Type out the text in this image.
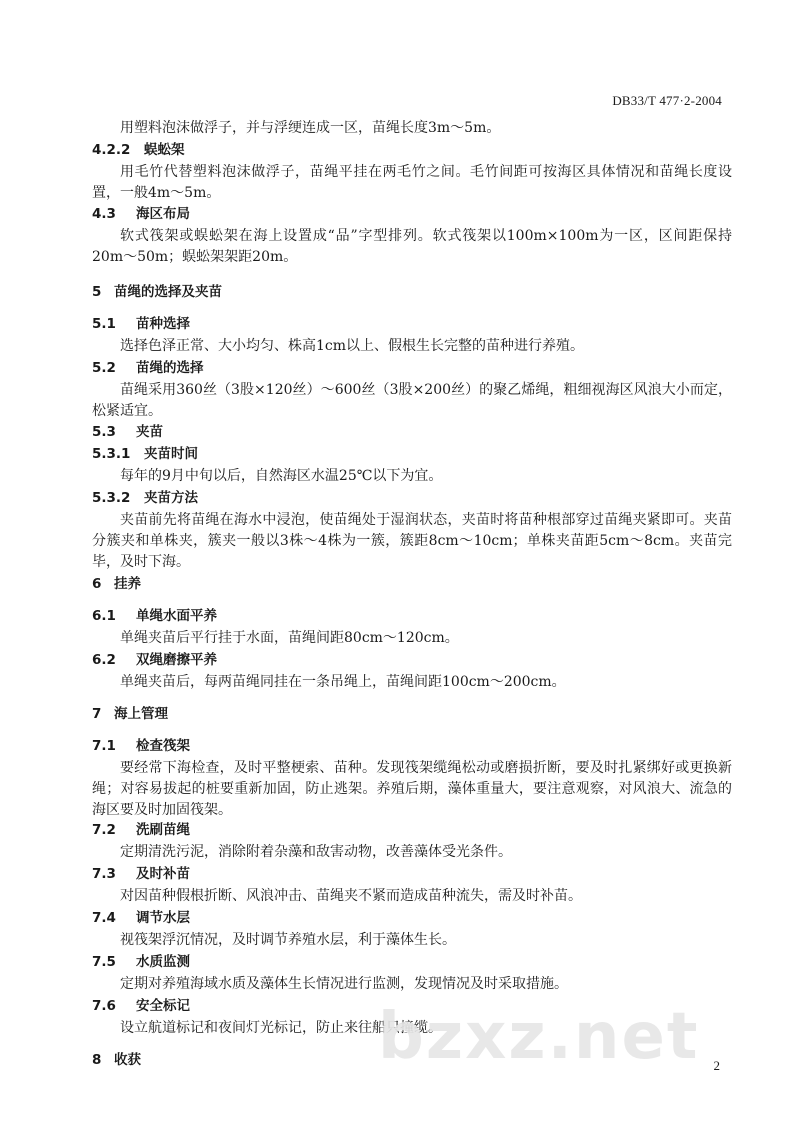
DB33/T 477·2-2004
用塑料泡沫做浮子，并与浮绠连成一区，苗绳长度3m～5m。
4.2.2 蜈蚣架
用毛竹代替塑料泡沫做浮子，苗绳平挂在两毛竹之间。毛竹间距可按海区具体情况和苗绳长度设置，一般4m～5m。
4.3 海区布局
软式筏架或蜈蚣架在海上设置成“品”字型排列。软式筏架以100m×100m为一区，区间距保持20m～50m；蜈蚣架架距20m。
5 苗绳的选择及夹苗
5.1 苗种选择
选择色泽正常、大小均匀、株高1cm以上、假根生长完整的苗种进行养殖。
5.2 苗绳的选择
苗绳采用360丝（3股×120丝）～600丝（3股×200丝）的聚乙烯绳，粗细视海区风浪大小而定，松紧适宜。
5.3 夹苗
5.3.1 夹苗时间
每年的9月中旬以后，自然海区水温25℃以下为宜。
5.3.2 夹苗方法
夹苗前先将苗绳在海水中浸泡，使苗绳处于湿润状态，夹苗时将苗种根部穿过苗绳夹紧即可。夹苗分簇夹和单株夹，簇夹一般以3株～4株为一簇，簇距8cm～10cm；单株夹苗距5cm～8cm。夹苗完毕，及时下海。
6 挂养
6.1 单绳水面平养
单绳夹苗后平行挂于水面，苗绳间距80cm～120cm。
6.2 双绳磨擦平养
单绳夹苗后，每两苗绳同挂在一条吊绳上，苗绳间距100cm～200cm。
7 海上管理
7.1 检查筏架
要经常下海检查，及时平整梗索、苗种。发现筏架缆绳松动或磨损折断，要及时扎紧绑好或更换新绳；对容易拔起的桩要重新加固，防止逃架。养殖后期，藻体重量大，要注意观察，对风浪大、流急的海区要及时加固筏架。
7.2 洗刷苗绳
定期清洗污泥，消除附着杂藻和敌害动物，改善藻体受光条件。
7.3 及时补苗
对因苗种假根折断、风浪冲击、苗绳夹不紧而造成苗种流失，需及时补苗。
7.4 调节水层
视筏架浮沉情况，及时调节养殖水层，利于藻体生长。
7.5 水质监测
定期对养殖海域水质及藻体生长情况进行监测，发现情况及时采取措施。
7.6 安全标记
设立航道标记和夜间灯光标记，防止来往船只撞缆。
8 收获	bzxz.net 2
